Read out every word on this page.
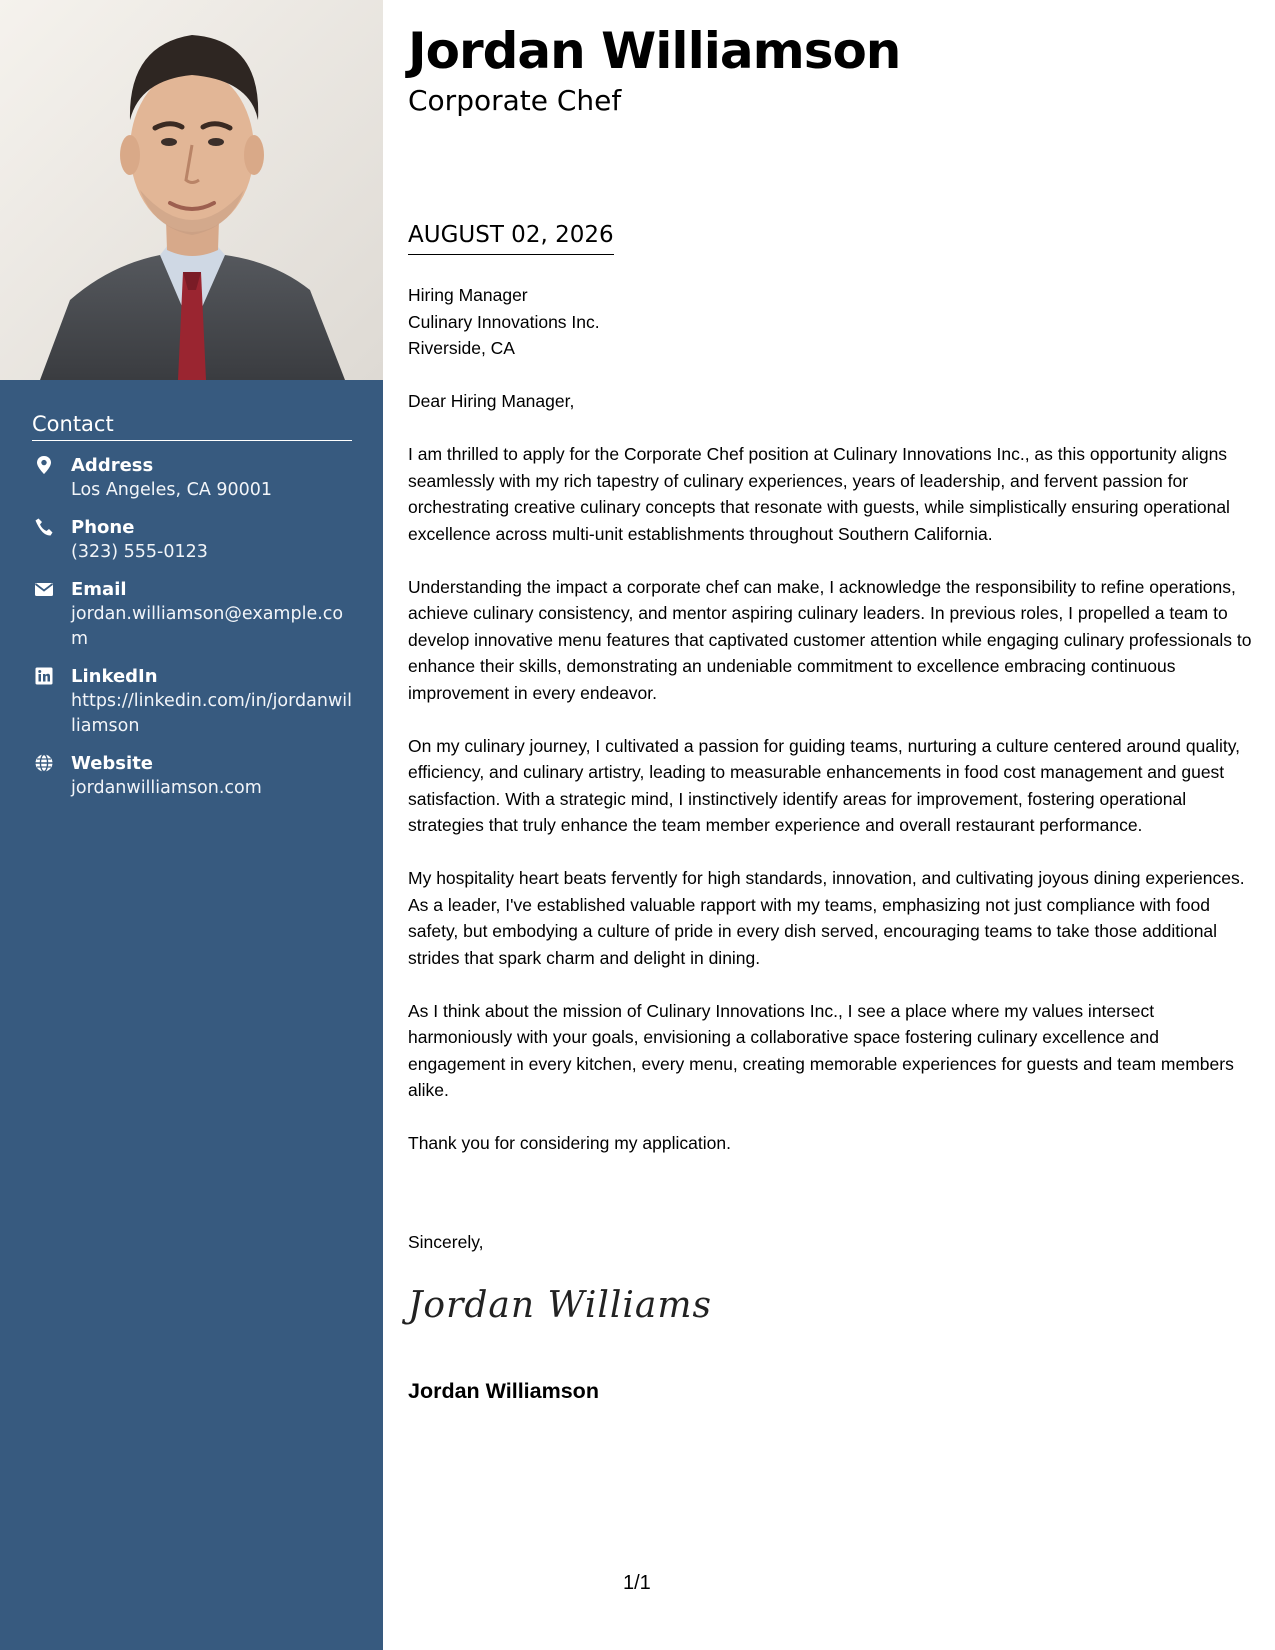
Contact
Address
Los Angeles, CA 90001
Phone
(323) 555-0123
Email
jordan.williamson@example.com
LinkedIn
https://linkedin.com/in/jordanwilliamson
Website
jordanwilliamson.com
Jordan Williamson
Corporate Chef
AUGUST 02, 2026
Hiring Manager
Culinary Innovations Inc.
Riverside, CA

Dear Hiring Manager,

I am thrilled to apply for the Corporate Chef position at Culinary Innovations Inc., as this opportunity aligns seamlessly with my rich tapestry of culinary experiences, years of leadership, and fervent passion for orchestrating creative culinary concepts that resonate with guests, while simplistically ensuring operational excellence across multi-unit establishments throughout Southern California.

Understanding the impact a corporate chef can make, I acknowledge the responsibility to refine operations, achieve culinary consistency, and mentor aspiring culinary leaders. In previous roles, I propelled a team to develop innovative menu features that captivated customer attention while engaging culinary professionals to enhance their skills, demonstrating an undeniable commitment to excellence embracing continuous improvement in every endeavor.

On my culinary journey, I cultivated a passion for guiding teams, nurturing a culture centered around quality, efficiency, and culinary artistry, leading to measurable enhancements in food cost management and guest satisfaction. With a strategic mind, I instinctively identify areas for improvement, fostering operational strategies that truly enhance the team member experience and overall restaurant performance.

My hospitality heart beats fervently for high standards, innovation, and cultivating joyous dining experiences. As a leader, I've established valuable rapport with my teams, emphasizing not just compliance with food safety, but embodying a culture of pride in every dish served, encouraging teams to take those additional strides that spark charm and delight in dining.

As I think about the mission of Culinary Innovations Inc., I see a place where my values intersect harmoniously with your goals, envisioning a collaborative space fostering culinary excellence and engagement in every kitchen, every menu, creating memorable experiences for guests and team members alike.

Thank you for considering my application.

Sincerely,
Jordan Williams
Jordan Williamson
1/1
